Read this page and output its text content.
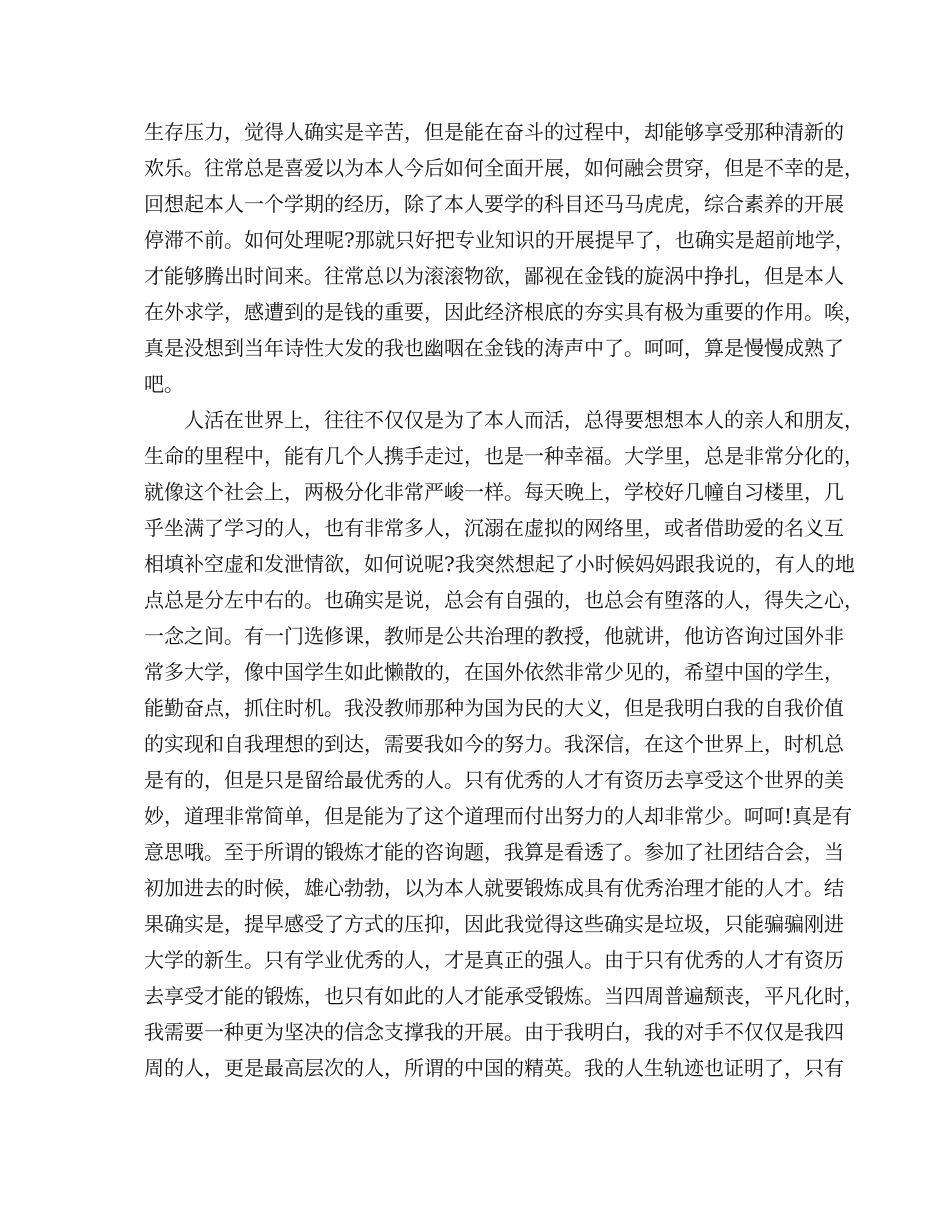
生存压力，觉得人确实是辛苦，但是能在奋斗的过程中，却能够享受那种清新的
欢乐。往常总是喜爱以为本人今后如何全面开展，如何融会贯穿，但是不幸的是，
回想起本人一个学期的经历，除了本人要学的科目还马马虎虎，综合素养的开展
停滞不前。如何处理呢?那就只好把专业知识的开展提早了，也确实是超前地学，
才能够腾出时间来。往常总以为滚滚物欲，鄙视在金钱的旋涡中挣扎，但是本人
在外求学，感遭到的是钱的重要，因此经济根底的夯实具有极为重要的作用。唉，
真是没想到当年诗性大发的我也幽咽在金钱的涛声中了。呵呵，算是慢慢成熟了
吧。
人活在世界上，往往不仅仅是为了本人而活，总得要想想本人的亲人和朋友，
生命的里程中，能有几个人携手走过，也是一种幸福。大学里，总是非常分化的，
就像这个社会上，两极分化非常严峻一样。每天晚上，学校好几幢自习楼里，几
乎坐满了学习的人，也有非常多人，沉溺在虚拟的网络里，或者借助爱的名义互
相填补空虚和发泄情欲，如何说呢?我突然想起了小时候妈妈跟我说的，有人的地
点总是分左中右的。也确实是说，总会有自强的，也总会有堕落的人，得失之心，
一念之间。有一门选修课，教师是公共治理的教授，他就讲，他访咨询过国外非
常多大学，像中国学生如此懒散的，在国外依然非常少见的，希望中国的学生，
能勤奋点，抓住时机。我没教师那种为国为民的大义，但是我明白我的自我价值
的实现和自我理想的到达，需要我如今的努力。我深信，在这个世界上，时机总
是有的，但是只是留给最优秀的人。只有优秀的人才有资历去享受这个世界的美
妙，道理非常简单，但是能为了这个道理而付出努力的人却非常少。呵呵!真是有
意思哦。至于所谓的锻炼才能的咨询题，我算是看透了。参加了社团结合会，当
初加进去的时候，雄心勃勃，以为本人就要锻炼成具有优秀治理才能的人才。结
果确实是，提早感受了方式的压抑，因此我觉得这些确实是垃圾，只能骗骗刚进
大学的新生。只有学业优秀的人，才是真正的强人。由于只有优秀的人才有资历
去享受才能的锻炼，也只有如此的人才能承受锻炼。当四周普遍颓丧，平凡化时，
我需要一种更为坚决的信念支撑我的开展。由于我明白，我的对手不仅仅是我四
周的人，更是最高层次的人，所谓的中国的精英。我的人生轨迹也证明了，只有
